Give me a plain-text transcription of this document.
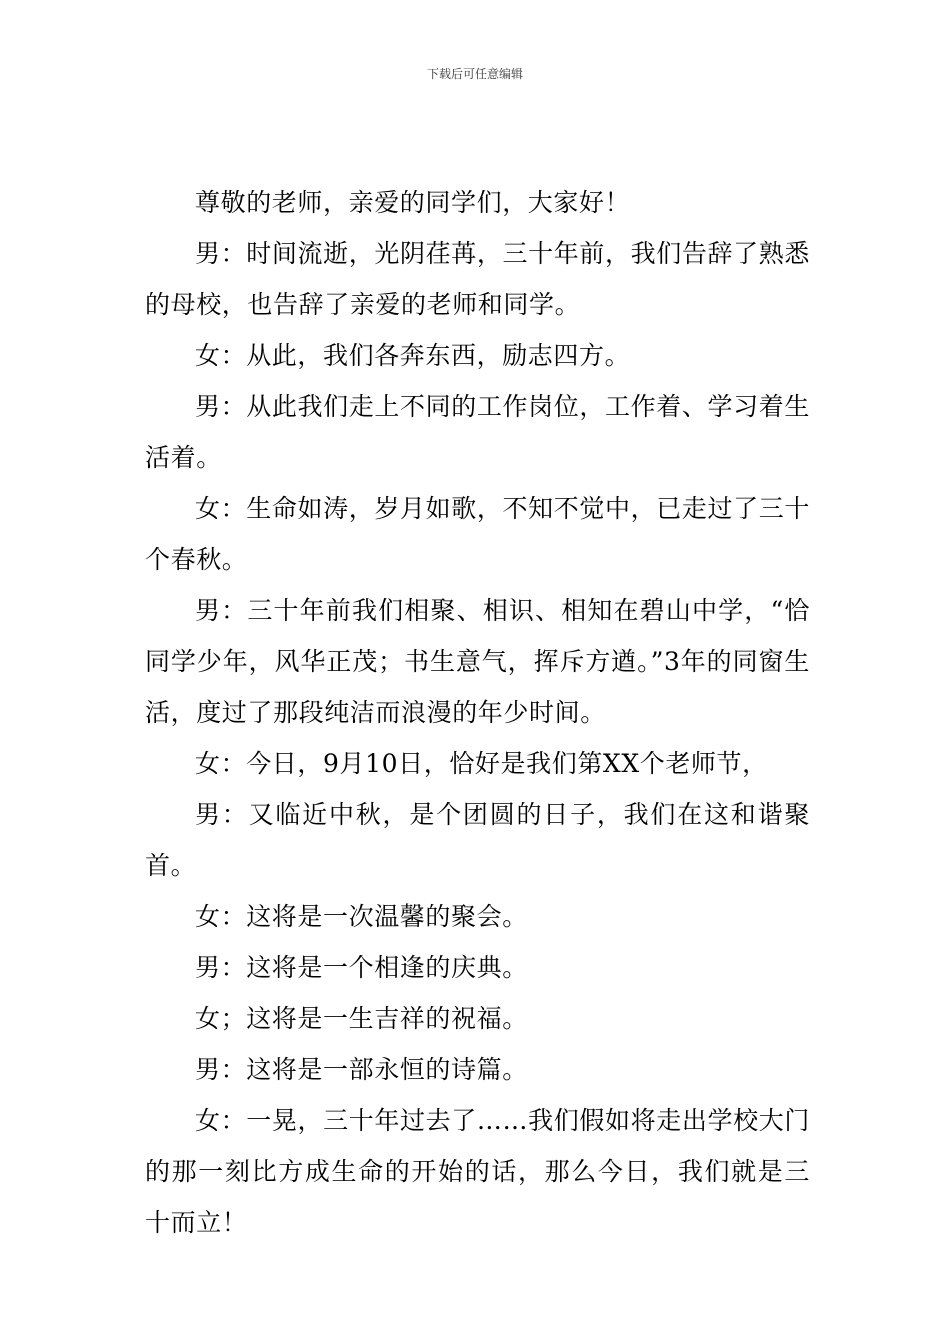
下载后可任意编辑

尊敬的老师，亲爱的同学们，大家好！

男：时间流逝，光阴荏苒，三十年前，我们告辞了熟悉的母校，也告辞了亲爱的老师和同学。

女：从此，我们各奔东西，励志四方。

男：从此我们走上不同的工作岗位，工作着、学习着生活着。

女：生命如涛，岁月如歌，不知不觉中，已走过了三十个春秋。

男：三十年前我们相聚、相识、相知在碧山中学，“恰同学少年，风华正茂；书生意气，挥斥方遒。”3年的同窗生活，度过了那段纯洁而浪漫的年少时间。

女：今日，9月10日，恰好是我们第XX个老师节，

男：又临近中秋，是个团圆的日子，我们在这和谐聚首。

女：这将是一次温馨的聚会。

男：这将是一个相逢的庆典。

女；这将是一生吉祥的祝福。

男：这将是一部永恒的诗篇。

女：一晃，三十年过去了……我们假如将走出学校大门的那一刻比方成生命的开始的话，那么今日，我们就是三十而立！
